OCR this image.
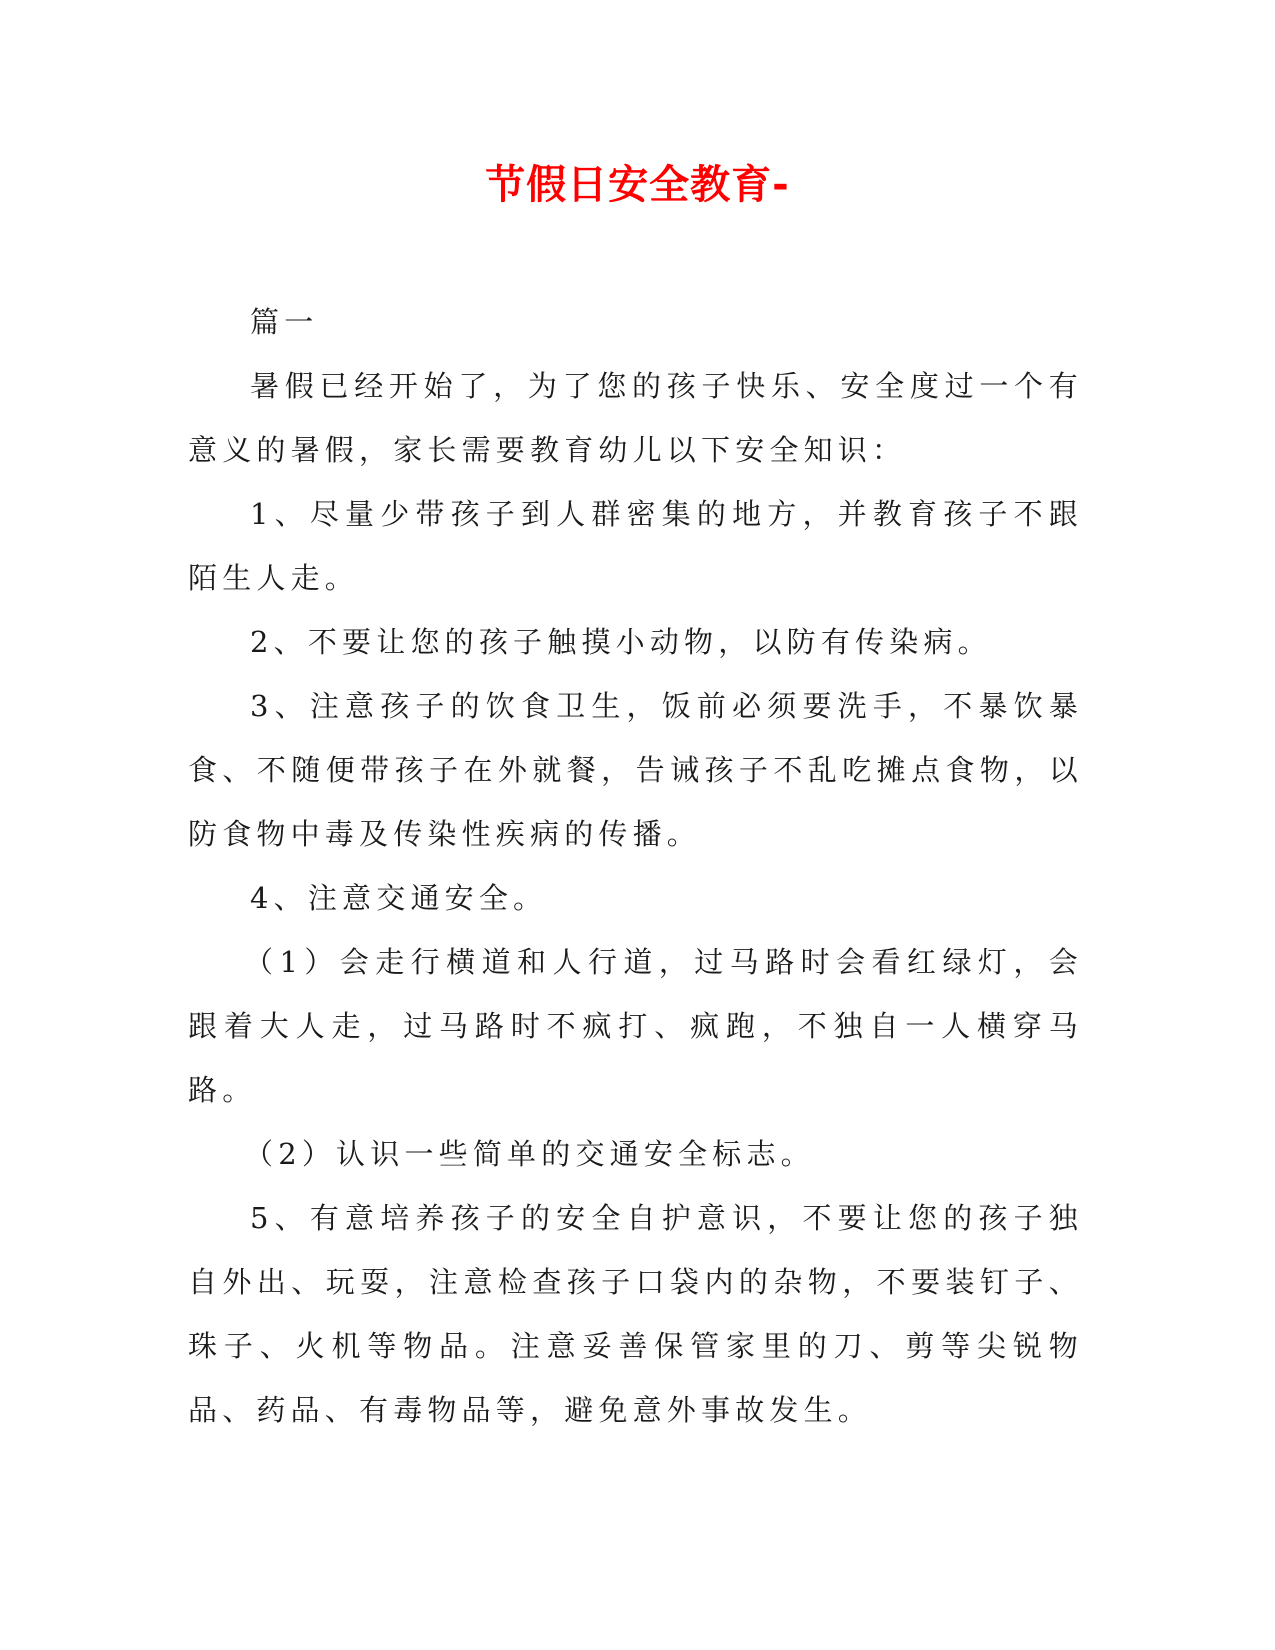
节假日安全教育-

篇一

暑假已经开始了，为了您的孩子快乐、安全度过一个有意义的暑假，家长需要教育幼儿以下安全知识：

1、尽量少带孩子到人群密集的地方，并教育孩子不跟陌生人走。

2、不要让您的孩子触摸小动物，以防有传染病。

3、注意孩子的饮食卫生，饭前必须要洗手，不暴饮暴食、不随便带孩子在外就餐，告诫孩子不乱吃摊点食物，以防食物中毒及传染性疾病的传播。

4、注意交通安全。

（1）会走行横道和人行道，过马路时会看红绿灯，会跟着大人走，过马路时不疯打、疯跑，不独自一人横穿马路。

（2）认识一些简单的交通安全标志。

5、有意培养孩子的安全自护意识，不要让您的孩子独自外出、玩耍，注意检查孩子口袋内的杂物，不要装钉子、珠子、火机等物品。注意妥善保管家里的刀、剪等尖锐物品、药品、有毒物品等，避免意外事故发生。
